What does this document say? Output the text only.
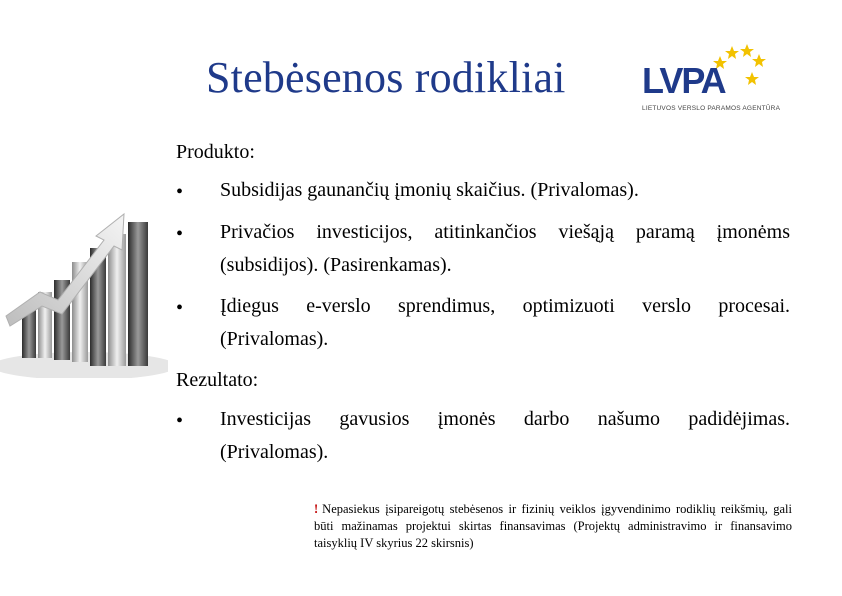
Stebėsenos rodikliai LVPA
LIETUVOS VERSLO PARAMOS AGENTŪRA
Produkto:
• Subsidijas gaunančių įmonių skaičius. (Privalomas).
• Privačios investicijos, atitinkančios viešąją paramą įmonėms
(subsidijos). (Pasirenkamas).
• Įdiegus e-verslo sprendimus, optimizuoti verslo procesai.
(Privalomas).
Rezultato:
• Investicijas gavusios įmonės darbo našumo padidėjimas.
(Privalomas).
! Nepasiekus įsipareigotų stebėsenos ir fizinių veiklos įgyvendinimo rodiklių reikšmių, gali būti mažinamas projektui skirtas finansavimas (Projektų administravimo ir finansavimo taisyklių IV skyrius 22 skirsnis)
